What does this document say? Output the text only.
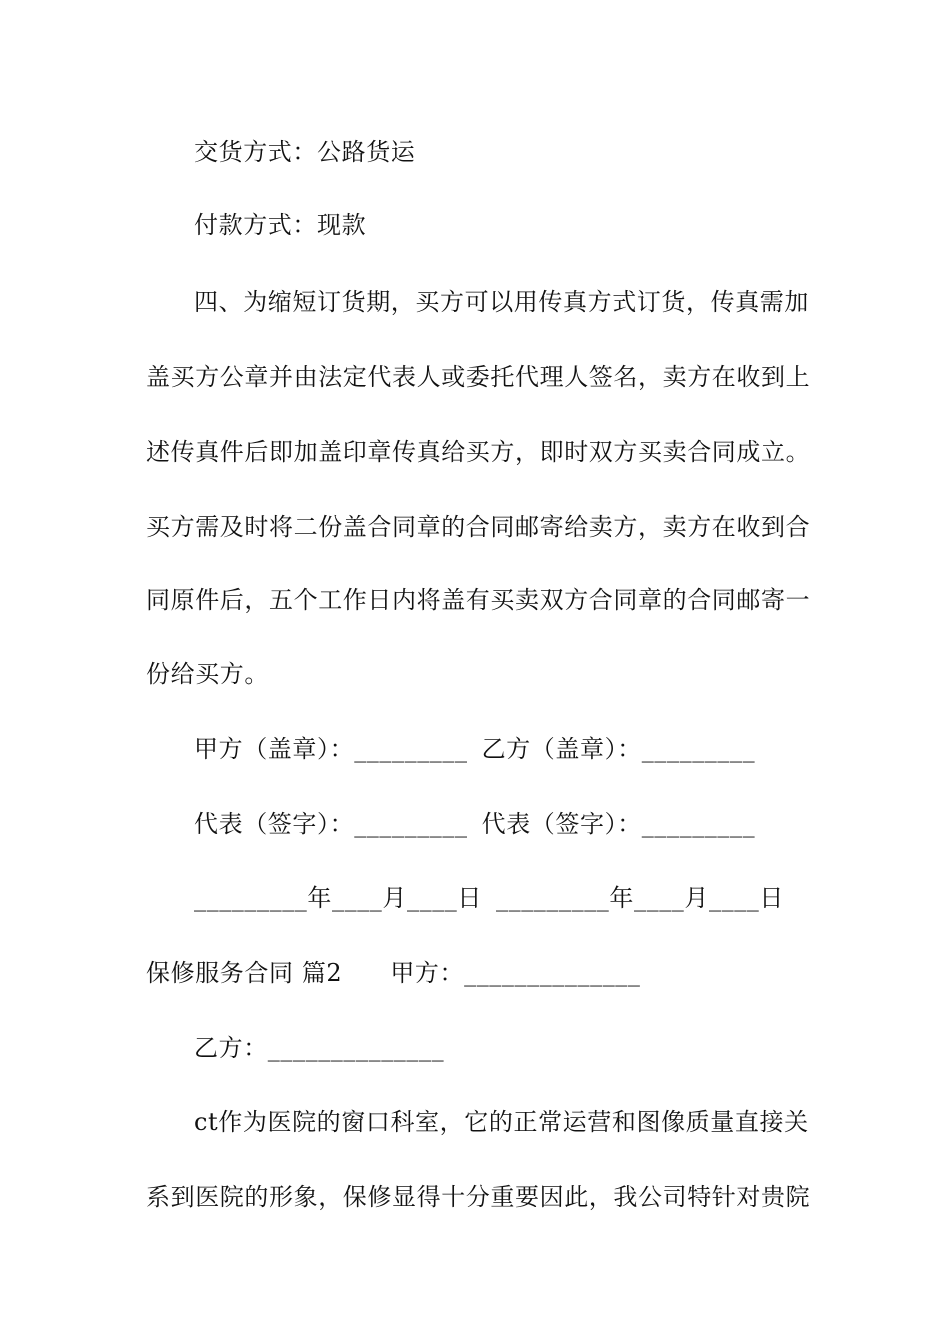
交货方式：公路货运
付款方式：现款
四、为缩短订货期，买方可以用传真方式订货，传真需加
盖买方公章并由法定代表人或委托代理人签名，卖方在收到上
述传真件后即加盖印章传真给买方，即时双方买卖合同成立。
买方需及时将二份盖合同章的合同邮寄给卖方，卖方在收到合
同原件后，五个工作日内将盖有买卖双方合同章的合同邮寄一
份给买方。
甲方（盖章）：_________ 乙方（盖章）：_________
代表（签字）：_________ 代表（签字）：_________
_________年____月____日 _________年____月____日
保修服务合同 篇2 甲方：______________
乙方：______________
ct作为医院的窗口科室，它的正常运营和图像质量直接关
系到医院的形象，保修显得十分重要因此，我公司特针对贵院
